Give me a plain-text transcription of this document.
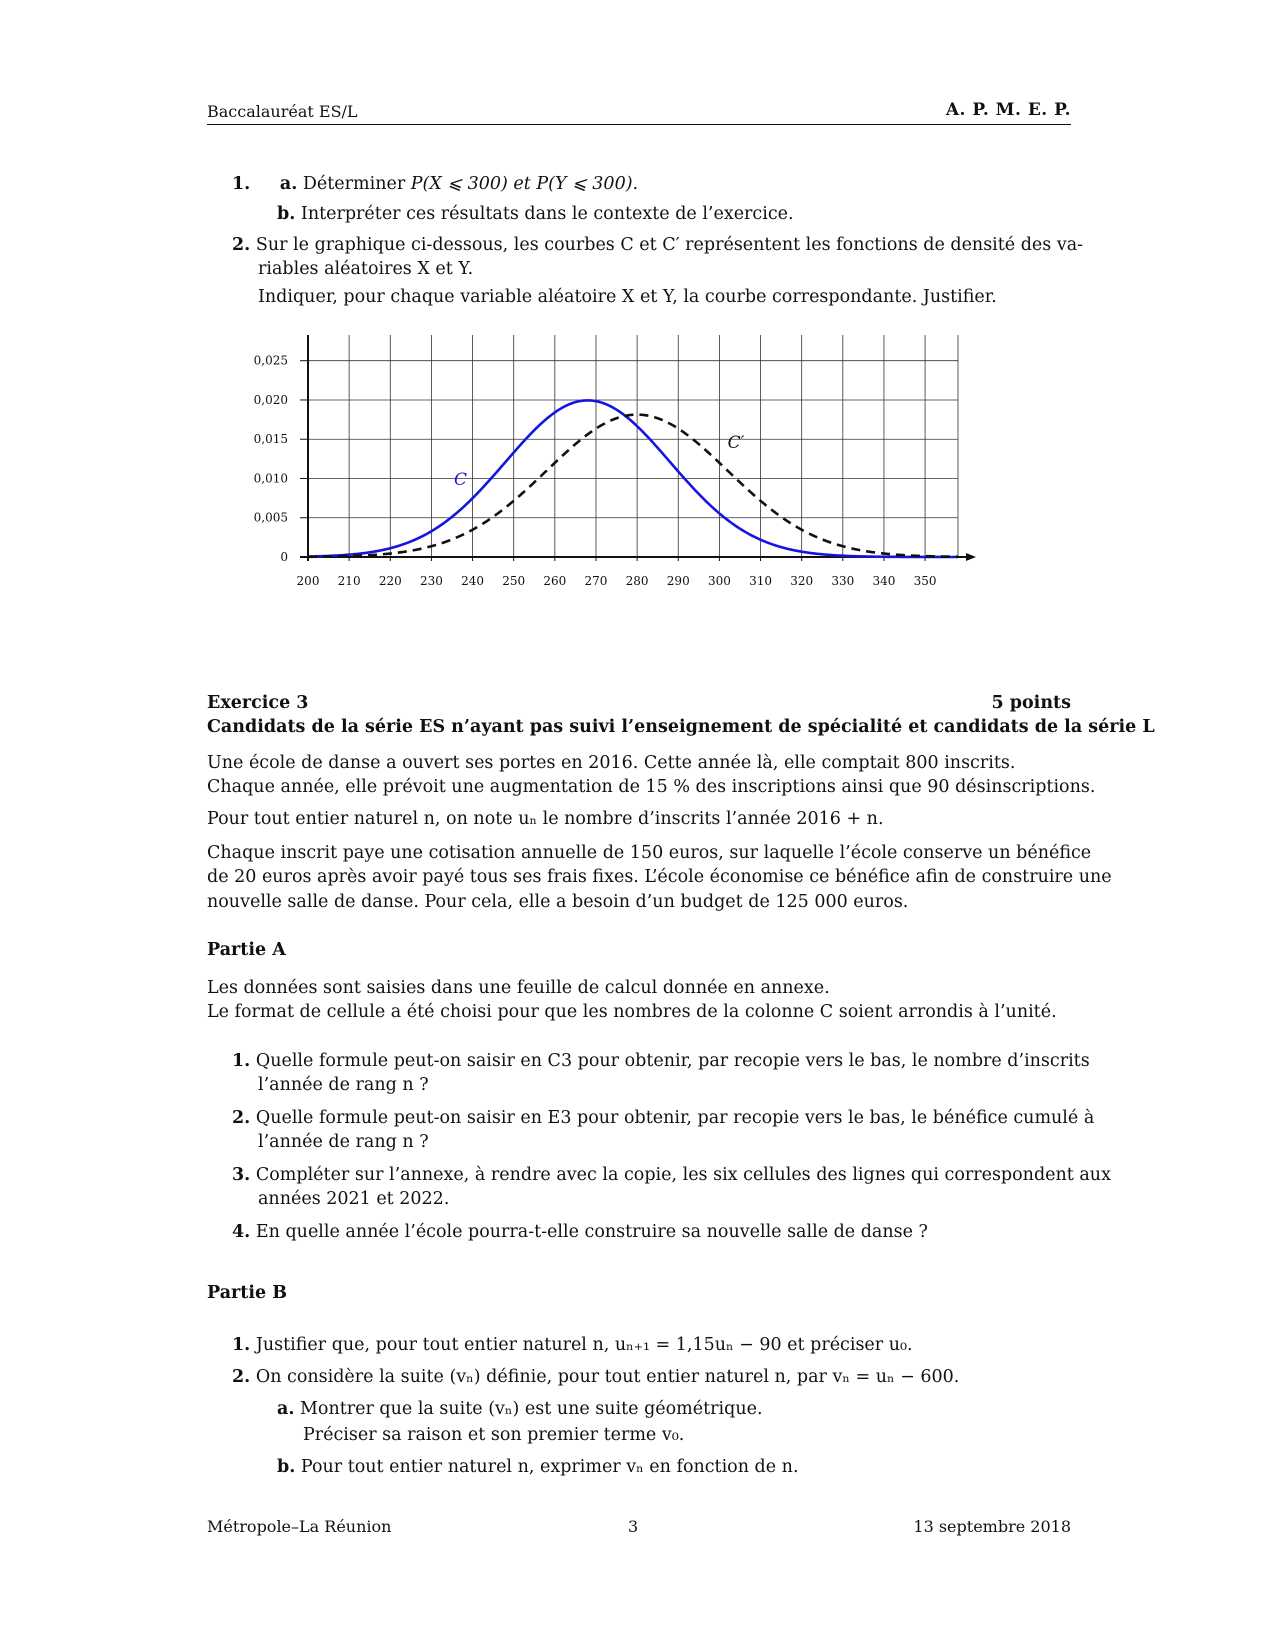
Baccalauréat ES/L	A. P. M. E. P.
1. a. Déterminer P(X ⩽ 300) et P(Y ⩽ 300).
b. Interpréter ces résultats dans le contexte de l’exercice.
2. Sur le graphique ci-dessous, les courbes C et C′ représentent les fonctions de densité des va-
riables aléatoires X et Y.
Indiquer, pour chaque variable aléatoire X et Y, la courbe correspondante. Justifier.
200 210 220 230 240 250 260 270 280 290 300 310 320 330 340 350
0
0,005
0,010
0,015
0,020
0,025
C
C′
Exercice 3	5 points
Candidats de la série ES n’ayant pas suivi l’enseignement de spécialité et candidats de la série L
Une école de danse a ouvert ses portes en 2016. Cette année là, elle comptait 800 inscrits.
Chaque année, elle prévoit une augmentation de 15 % des inscriptions ainsi que 90 désinscriptions.
Pour tout entier naturel n, on note uₙ le nombre d’inscrits l’année 2016 + n.
Chaque inscrit paye une cotisation annuelle de 150 euros, sur laquelle l’école conserve un bénéfice
de 20 euros après avoir payé tous ses frais fixes. L’école économise ce bénéfice afin de construire une
nouvelle salle de danse. Pour cela, elle a besoin d’un budget de 125 000 euros.
Partie A
Les données sont saisies dans une feuille de calcul donnée en annexe.
Le format de cellule a été choisi pour que les nombres de la colonne C soient arrondis à l’unité.
1. Quelle formule peut-on saisir en C3 pour obtenir, par recopie vers le bas, le nombre d’inscrits
l’année de rang n ?
2. Quelle formule peut-on saisir en E3 pour obtenir, par recopie vers le bas, le bénéfice cumulé à
l’année de rang n ?
3. Compléter sur l’annexe, à rendre avec la copie, les six cellules des lignes qui correspondent aux
années 2021 et 2022.
4. En quelle année l’école pourra-t-elle construire sa nouvelle salle de danse ?
Partie B
1. Justifier que, pour tout entier naturel n, uₙ₊₁ = 1,15uₙ − 90 et préciser u₀.
2. On considère la suite (vₙ) définie, pour tout entier naturel n, par vₙ = uₙ − 600.
a. Montrer que la suite (vₙ) est une suite géométrique.
Préciser sa raison et son premier terme v₀.
b. Pour tout entier naturel n, exprimer vₙ en fonction de n.
Métropole–La Réunion	3	13 septembre 2018
